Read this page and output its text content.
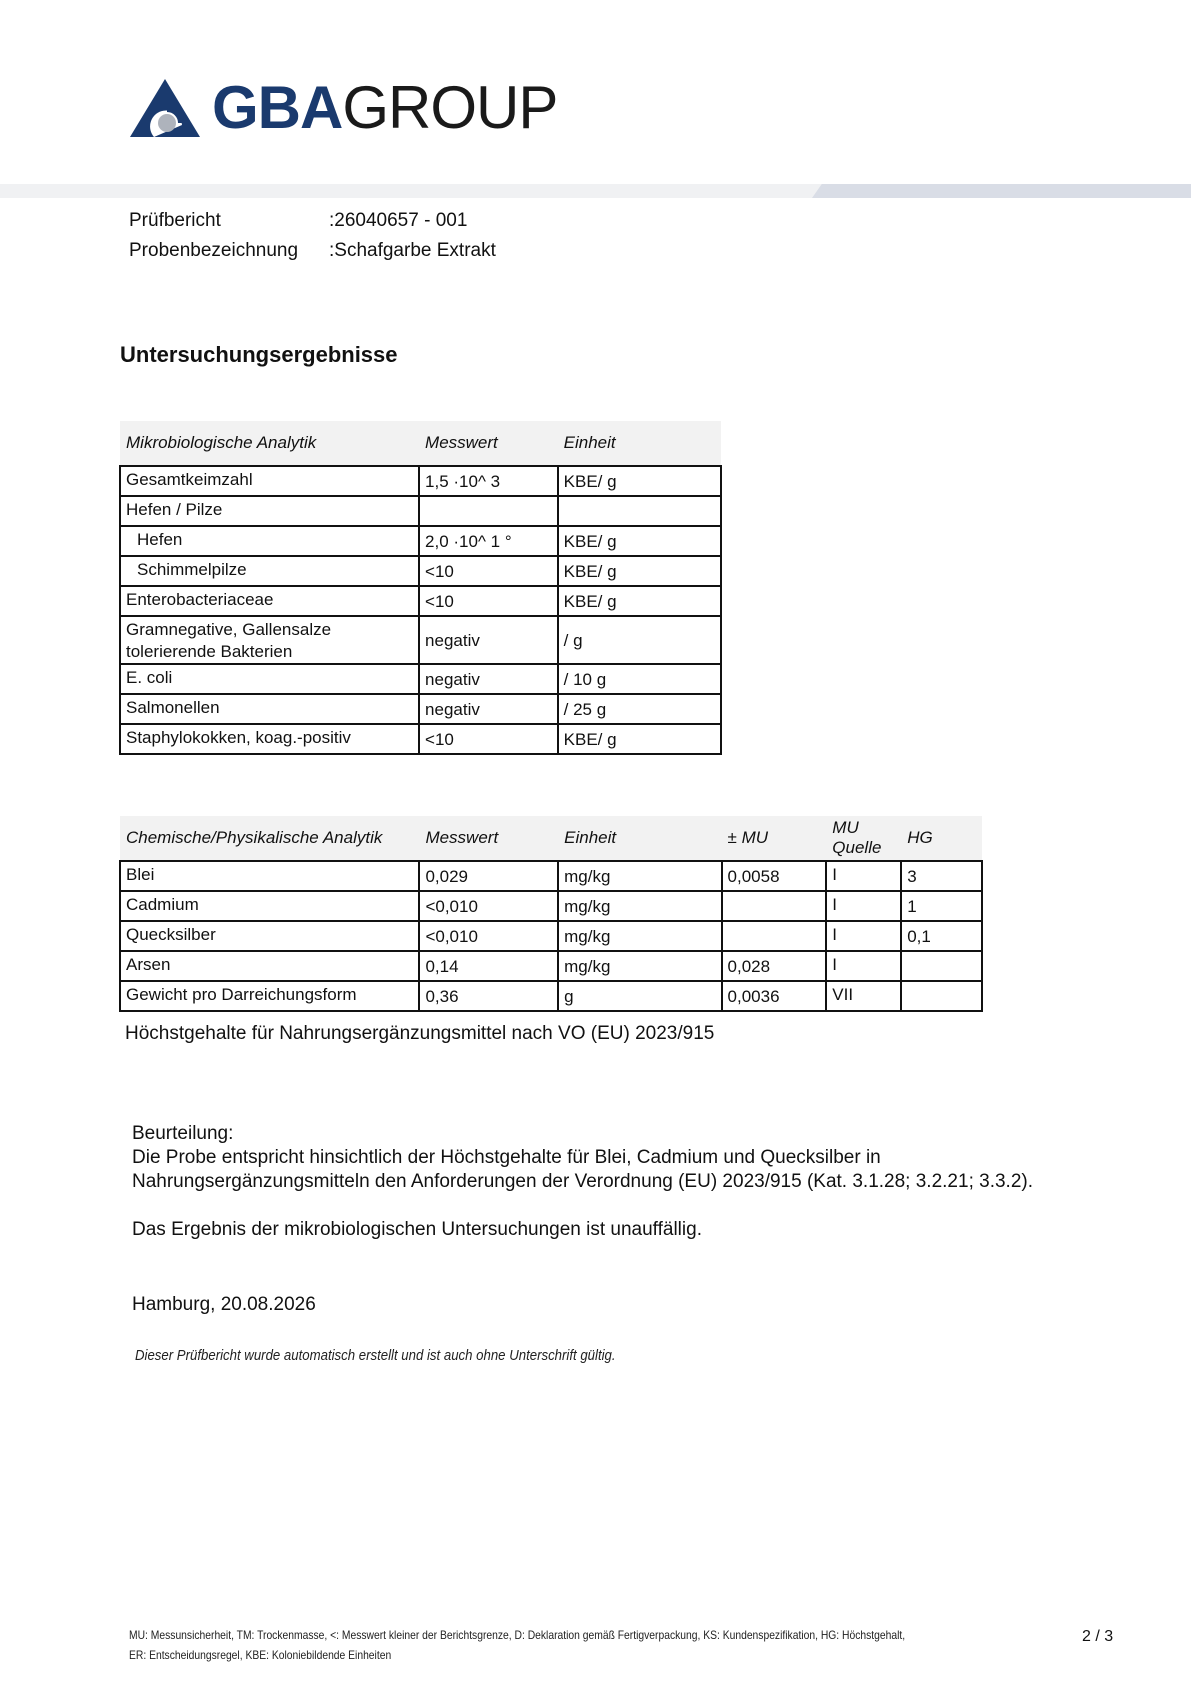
GBAGROUP
Prüfbericht	:26040657 - 001
Probenbezeichnung :Schafgarbe Extrakt
Untersuchungsergebnisse
Mikrobiologische Analytik	Messwert	Einheit
Gesamtkeimzahl	1,5 ·10^ 3	KBE/ g
Hefen / Pilze		
Hefen	2,0 ·10^ 1 °	KBE/ g
Schimmelpilze	<10	KBE/ g
Enterobacteriaceae	<10	KBE/ g
Gramnegative, Gallensalze tolerierende Bakterien	negativ	/ g
E. coli	negativ	/ 10 g
Salmonellen	negativ	/ 25 g
Staphylokokken, koag.-positiv	<10	KBE/ g
Chemische/Physikalische Analytik	Messwert	Einheit	± MU	MU Quelle	HG
Blei	0,029	mg/kg	0,0058	I	3
Cadmium	<0,010	mg/kg		I	1
Quecksilber	<0,010	mg/kg		I	0,1
Arsen	0,14	mg/kg	0,028	I	
Gewicht pro Darreichungsform	0,36	g	0,0036	VII	
Höchstgehalte für Nahrungsergänzungsmittel nach VO (EU) 2023/915
Beurteilung:
Die Probe entspricht hinsichtlich der Höchstgehalte für Blei, Cadmium und Quecksilber in
Nahrungsergänzungsmitteln den Anforderungen der Verordnung (EU) 2023/915 (Kat. 3.1.28; 3.2.21; 3.3.2).
Das Ergebnis der mikrobiologischen Untersuchungen ist unauffällig.
Hamburg, 20.08.2026
Dieser Prüfbericht wurde automatisch erstellt und ist auch ohne Unterschrift gültig.
MU: Messunsicherheit, TM: Trockenmasse, <: Messwert kleiner der Berichtsgrenze, D: Deklaration gemäß Fertigverpackung, KS: Kundenspezifikation, HG: Höchstgehalt,
ER: Entscheidungsregel, KBE: Koloniebildende Einheiten
2 / 3
